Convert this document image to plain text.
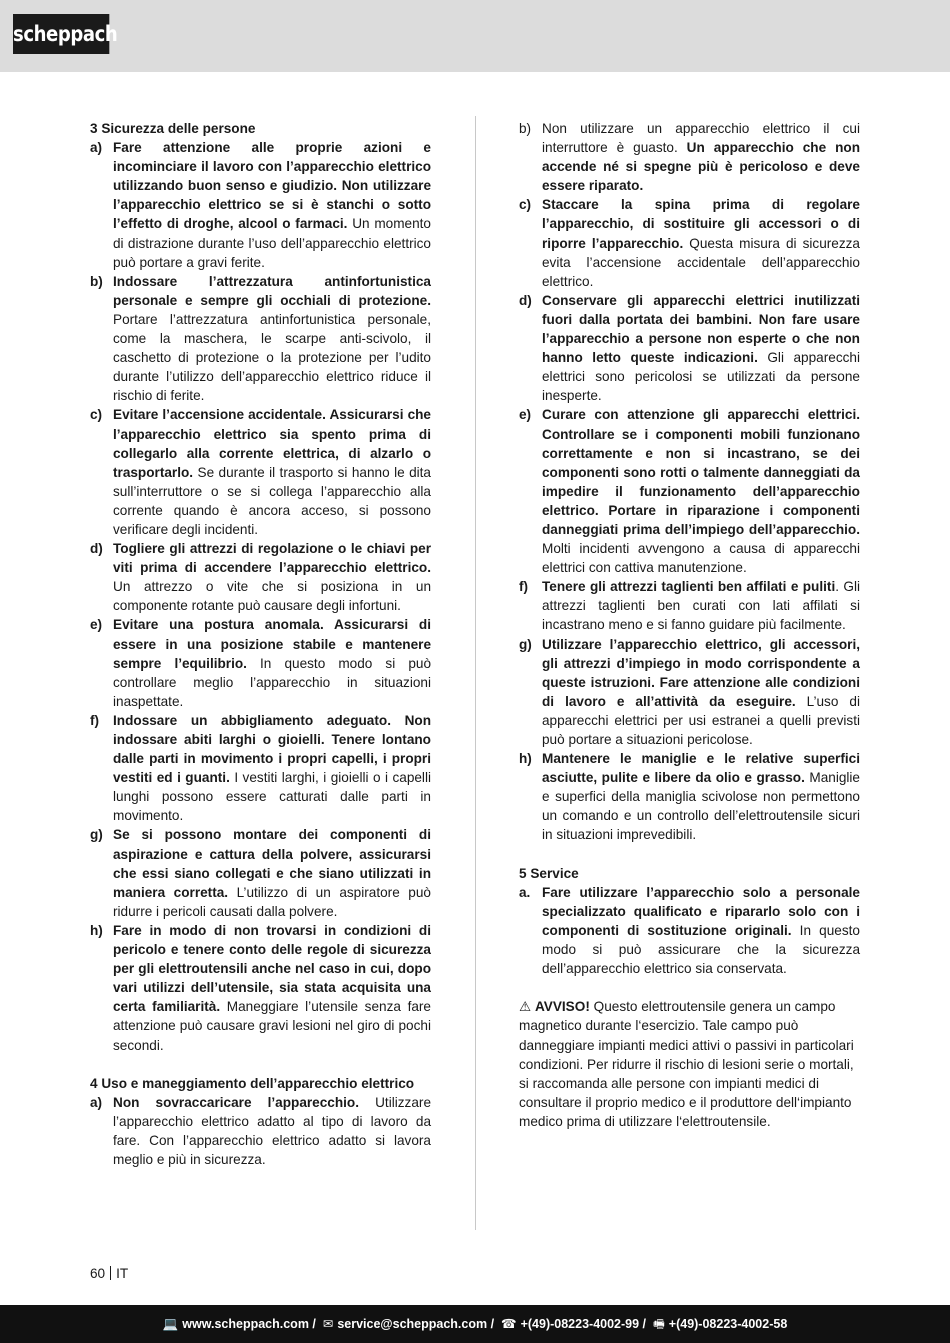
scheppach
3 Sicurezza delle persone
a) Fare attenzione alle proprie azioni e incominciare il lavoro con l’apparecchio elettrico utilizzando buon senso e giudizio. Non utilizzare l’apparecchio elettrico se si è stanchi o sotto l’effetto di droghe, alcool o farmaci. Un momento di distrazione durante l’uso dell’apparecchio elettrico può portare a gravi ferite.
b) Indossare l’attrezzatura antinfortunistica personale e sempre gli occhiali di protezione. Portare l’attrezzatura antinfortunistica personale, come la maschera, le scarpe anti-scivolo, il caschetto di protezione o la protezione per l’udito durante l’utilizzo dell’apparecchio elettrico riduce il rischio di ferite.
c) Evitare l’accensione accidentale. Assicurarsi che l’apparecchio elettrico sia spento prima di collegarlo alla corrente elettrica, di alzarlo o trasportarlo. Se durante il trasporto si hanno le dita sull’interruttore o se si collega l’apparecchio alla corrente quando è ancora acceso, si possono verificare degli incidenti.
d) Togliere gli attrezzi di regolazione o le chiavi per viti prima di accendere l’apparecchio elettrico. Un attrezzo o vite che si posiziona in un componente rotante può causare degli infortuni.
e) Evitare una postura anomala. Assicurarsi di essere in una posizione stabile e mantenere sempre l’equilibrio. In questo modo si può controllare meglio l’apparecchio in situazioni inaspettate.
f)	Indossare un abbigliamento adeguato. Non indossare abiti larghi o gioielli. Tenere lontano dalle parti in movimento i propri capelli, i propri vestiti ed i guanti. I vestiti larghi, i gioielli o i capelli lunghi possono essere catturati dalle parti in movimento.
g) Se si possono montare dei componenti di aspirazione e cattura della polvere, assicurarsi che essi siano collegati e che siano utilizzati in maniera corretta. L’utilizzo di un aspiratore può ridurre i pericoli causati dalla polvere.
h) Fare in modo di non trovarsi in condizioni di pericolo e tenere conto delle regole di sicurezza per gli elettroutensili anche nel caso in cui, dopo vari utilizzi dell’utensile, sia stata acquisita una certa familiarità. Maneggiare l’utensile senza fare attenzione può causare gravi lesioni nel giro di pochi secondi.
4 Uso e maneggiamento dell’apparecchio elettrico
a) Non sovraccaricare l’apparecchio. Utilizzare l’apparecchio elettrico adatto al tipo di lavoro da fare. Con l’apparecchio elettrico adatto si lavora meglio e più in sicurezza.
b) Non utilizzare un apparecchio elettrico il cui interruttore è guasto. Un apparecchio che non accende né si spegne più è pericoloso e deve essere riparato.
c) Staccare la spina prima di regolare l’apparecchio, di sostituire gli accessori o di riporre l’apparecchio. Questa misura di sicurezza evita l’accensione accidentale dell’apparecchio elettrico.
d) Conservare gli apparecchi elettrici inutilizzati fuori dalla portata dei bambini. Non fare usare l’apparecchio a persone non esperte o che non hanno letto queste indicazioni. Gli apparecchi elettrici sono pericolosi se utilizzati da persone inesperte.
e) Curare con attenzione gli apparecchi elettrici. Controllare se i componenti mobili funzionano correttamente e non si incastrano, se dei componenti sono rotti o talmente danneggiati da impedire il funzionamento dell’apparecchio elettrico. Portare in riparazione i componenti danneggiati prima dell’impiego dell’apparecchio. Molti incidenti avvengono a causa di apparecchi elettrici con cattiva manutenzione.
f)	Tenere gli attrezzi taglienti ben affilati e puliti. Gli attrezzi taglienti ben curati con lati affilati si incastrano meno e si fanno guidare più facilmente.
g) Utilizzare l’apparecchio elettrico, gli accessori, gli attrezzi d’impiego in modo corrispondente a queste istruzioni. Fare attenzione alle condizioni di lavoro e all’attività da eseguire. L’uso di apparecchi elettrici per usi estranei a quelli previsti può portare a situazioni pericolose.
h) Mantenere le maniglie e le relative superfici asciutte, pulite e libere da olio e grasso. Maniglie e superfici della maniglia scivolose non permettono un comando e un controllo dell’elettroutensile sicuri in situazioni imprevedibili.
5 Service
a. Fare utilizzare l’apparecchio solo a personale specializzato qualificato e ripararlo solo con i componenti di sostituzione originali. In questo modo si può assicurare che la sicurezza dell’apparecchio elettrico sia conservata.
⚠ AVVISO! Questo elettroutensile genera un campo magnetico durante l‘esercizio. Tale campo può danneggiare impianti medici attivi o passivi in particolari condizioni. Per ridurre il rischio di lesioni serie o mortali, si raccomanda alle persone con impianti medici di consultare il proprio medico e il produttore dell‘impianto medico prima di utilizzare l‘elettroutensile.
60 IT
💻 www.scheppach.com / ✉ service@scheppach.com / ☎ +(49)-08223-4002-99 / 🖷 +(49)-08223-4002-58
